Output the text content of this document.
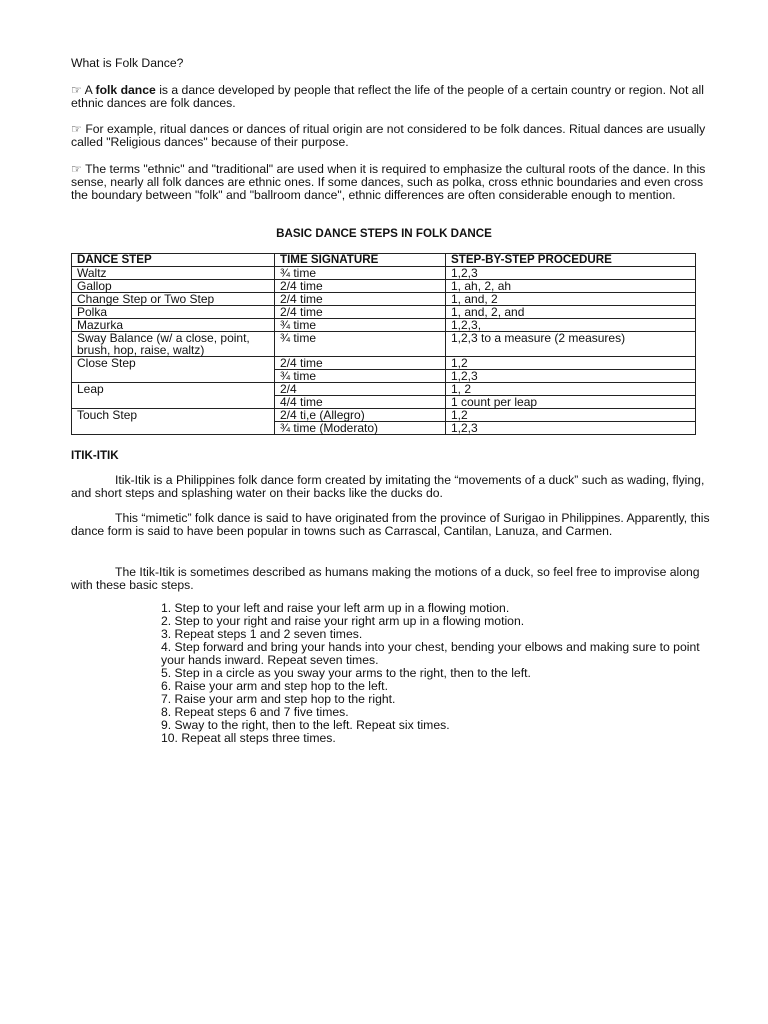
What is Folk Dance?

☞ A folk dance is a dance developed by people that reflect the life of the people of a certain country or region. Not all ethnic dances are folk dances.

☞ For example, ritual dances or dances of ritual origin are not considered to be folk dances. Ritual dances are usually called "Religious dances" because of their purpose.

☞ The terms "ethnic" and "traditional" are used when it is required to emphasize the cultural roots of the dance. In this sense, nearly all folk dances are ethnic ones. If some dances, such as polka, cross ethnic boundaries and even cross the boundary between "folk" and "ballroom dance", ethnic differences are often considerable enough to mention.

BASIC DANCE STEPS IN FOLK DANCE

DANCE STEP	TIME SIGNATURE	STEP-BY-STEP PROCEDURE
Waltz	¾ time	1,2,3
Gallop	2/4 time	1, ah, 2, ah
Change Step or Two Step	2/4 time	1, and, 2
Polka	2/4 time	1, and, 2, and
Mazurka	¾ time	1,2,3,
Sway Balance (w/ a close, point, brush, hop, raise, waltz)	¾ time	1,2,3 to a measure (2 measures)
Close Step	2/4 time	1,2
	¾ time	1,2,3
Leap	2/4	1, 2
	4/4 time	1 count per leap
Touch Step	2/4 ti,e (Allegro)	1,2
	¾ time (Moderato)	1,2,3

ITIK-ITIK

Itik-Itik is a Philippines folk dance form created by imitating the “movements of a duck” such as wading, flying, and short steps and splashing water on their backs like the ducks do.

This “mimetic” folk dance is said to have originated from the province of Surigao in Philippines. Apparently, this dance form is said to have been popular in towns such as Carrascal, Cantilan, Lanuza, and Carmen.

The Itik-Itik is sometimes described as humans making the motions of a duck, so feel free to improvise along with these basic steps.

1. Step to your left and raise your left arm up in a flowing motion.
2. Step to your right and raise your right arm up in a flowing motion.
3. Repeat steps 1 and 2 seven times.
4. Step forward and bring your hands into your chest, bending your elbows and making sure to point your hands inward. Repeat seven times.
5. Step in a circle as you sway your arms to the right, then to the left.
6. Raise your arm and step hop to the left.
7. Raise your arm and step hop to the right.
8. Repeat steps 6 and 7 five times.
9. Sway to the right, then to the left. Repeat six times.
10. Repeat all steps three times.
